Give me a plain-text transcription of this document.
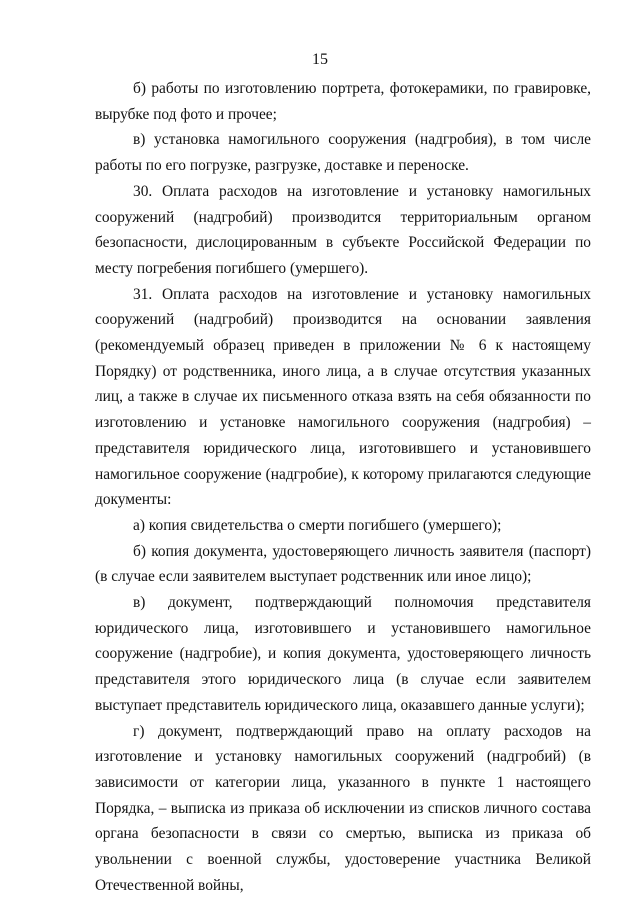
15

б) работы по изготовлению портрета, фотокерамики, по гравировке, вырубке под фото и прочее;

в) установка намогильного сооружения (надгробия), в том числе работы по его погрузке, разгрузке, доставке и переноске.

30. Оплата расходов на изготовление и установку намогильных сооружений (надгробий) производится территориальным органом безопасности, дислоцированным в субъекте Российской Федерации по месту погребения погибшего (умершего).

31. Оплата расходов на изготовление и установку намогильных сооружений (надгробий) производится на основании заявления (рекомендуемый образец приведен в приложении № 6 к настоящему Порядку) от родственника, иного лица, а в случае отсутствия указанных лиц, а также в случае их письменного отказа взять на себя обязанности по изготовлению и установке намогильного сооружения (надгробия) – представителя юридического лица, изготовившего и установившего намогильное сооружение (надгробие), к которому прилагаются следующие документы:

а) копия свидетельства о смерти погибшего (умершего);

б) копия документа, удостоверяющего личность заявителя (паспорт) (в случае если заявителем выступает родственник или иное лицо);

в) документ, подтверждающий полномочия представителя юридического лица, изготовившего и установившего намогильное сооружение (надгробие), и копия документа, удостоверяющего личность представителя этого юридического лица (в случае если заявителем выступает представитель юридического лица, оказавшего данные услуги);

г) документ, подтверждающий право на оплату расходов на изготовление и установку намогильных сооружений (надгробий) (в зависимости от категории лица, указанного в пункте 1 настоящего Порядка, – выписка из приказа об исключении из списков личного состава органа безопасности в связи со смертью, выписка из приказа об увольнении с военной службы, удостоверение участника Великой Отечественной войны,
